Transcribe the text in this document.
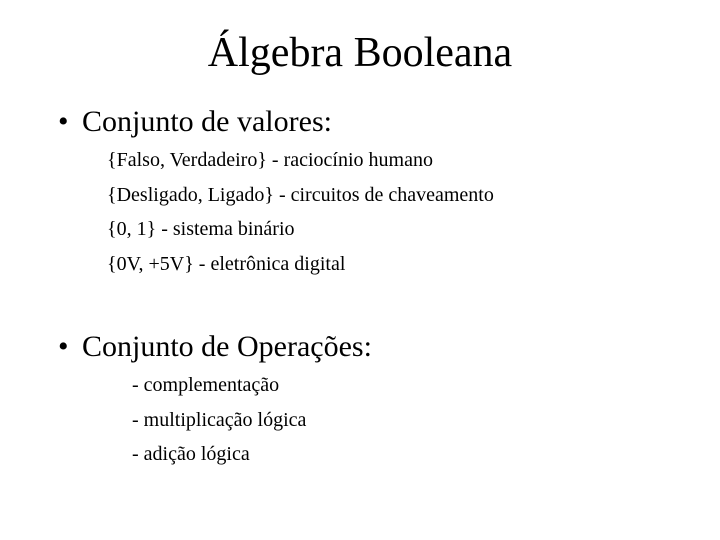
Álgebra Booleana
• Conjunto de valores:
{Falso, Verdadeiro} - raciocínio humano
{Desligado, Ligado} - circuitos de chaveamento
{0, 1} - sistema binário
{0V, +5V} - eletrônica digital
• Conjunto de Operações:
- complementação
- multiplicação lógica
- adição lógica
